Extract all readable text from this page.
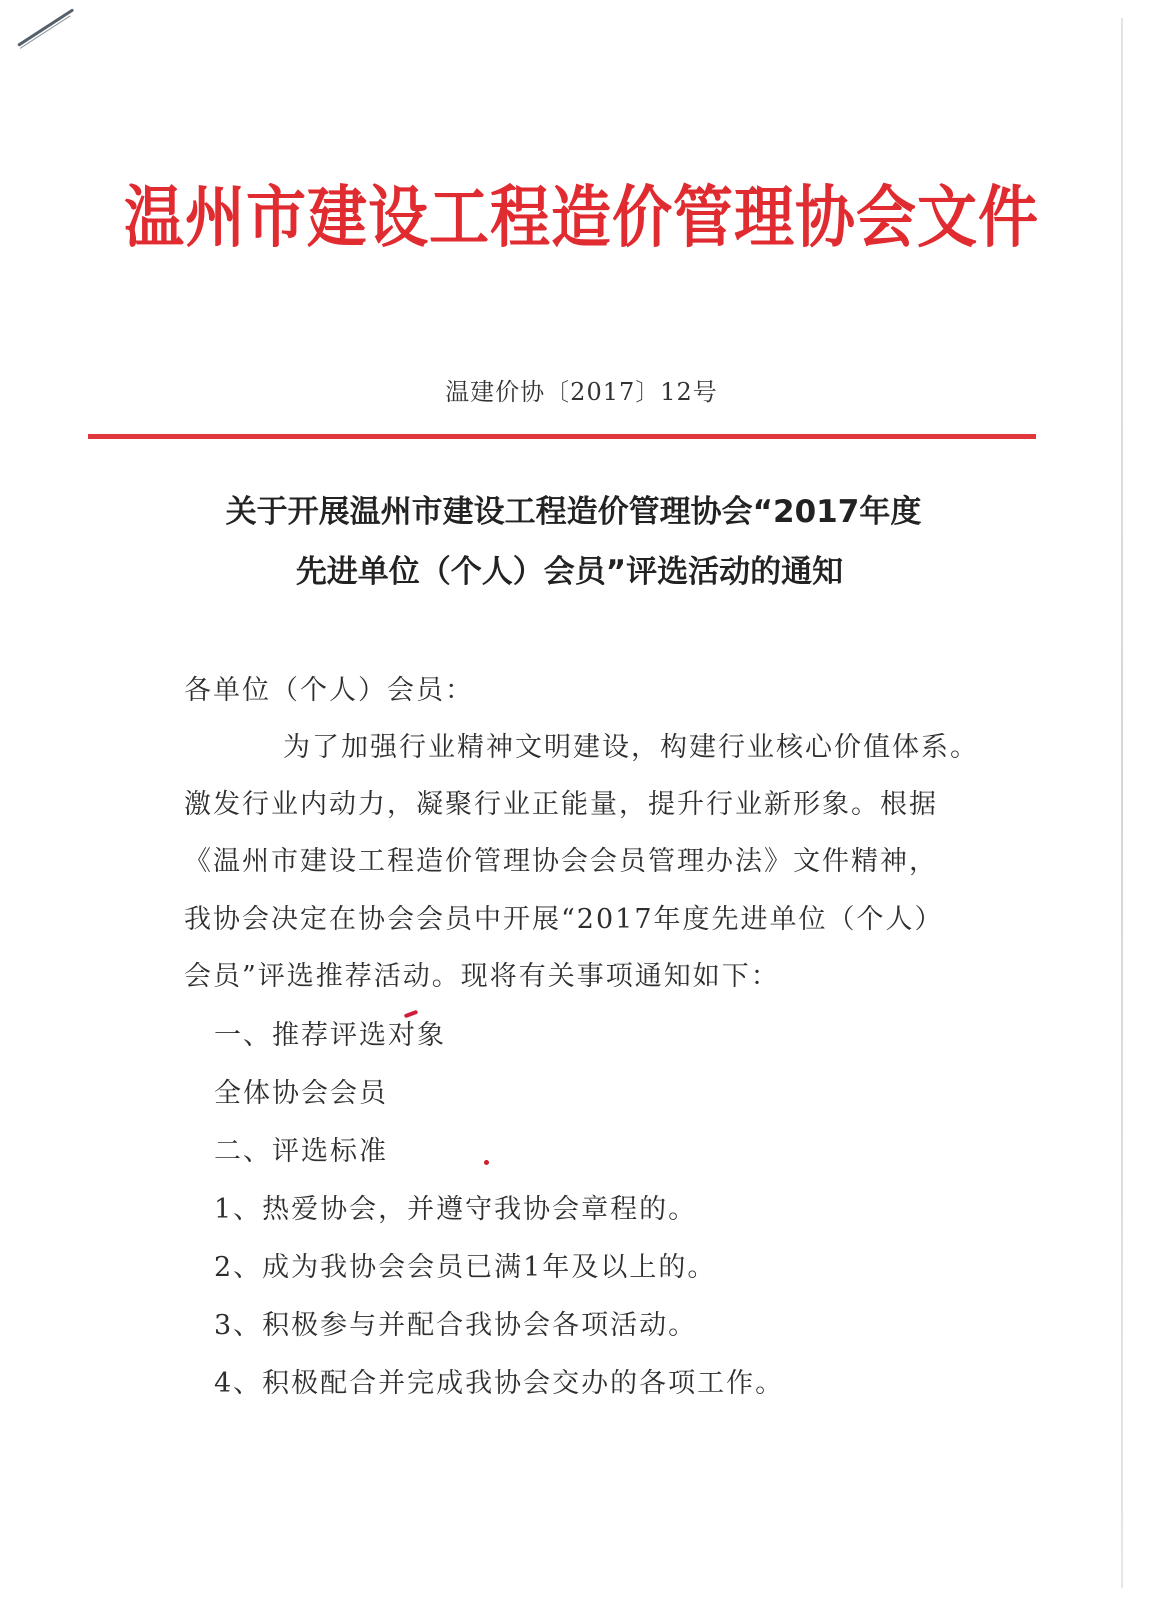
温州市建设工程造价管理协会文件
温建价协〔2017〕12号
关于开展温州市建设工程造价管理协会“2017年度
先进单位（个人）会员”评选活动的通知
各单位（个人）会员：
为了加强行业精神文明建设，构建行业核心价值体系。
激发行业内动力，凝聚行业正能量，提升行业新形象。根据
《温州市建设工程造价管理协会会员管理办法》文件精神，
我协会决定在协会会员中开展“2017年度先进单位（个人）
会员”评选推荐活动。现将有关事项通知如下：
一、推荐评选对象
全体协会会员
二、评选标准
1、热爱协会，并遵守我协会章程的。
2、成为我协会会员已满1年及以上的。
3、积极参与并配合我协会各项活动。
4、积极配合并完成我协会交办的各项工作。
